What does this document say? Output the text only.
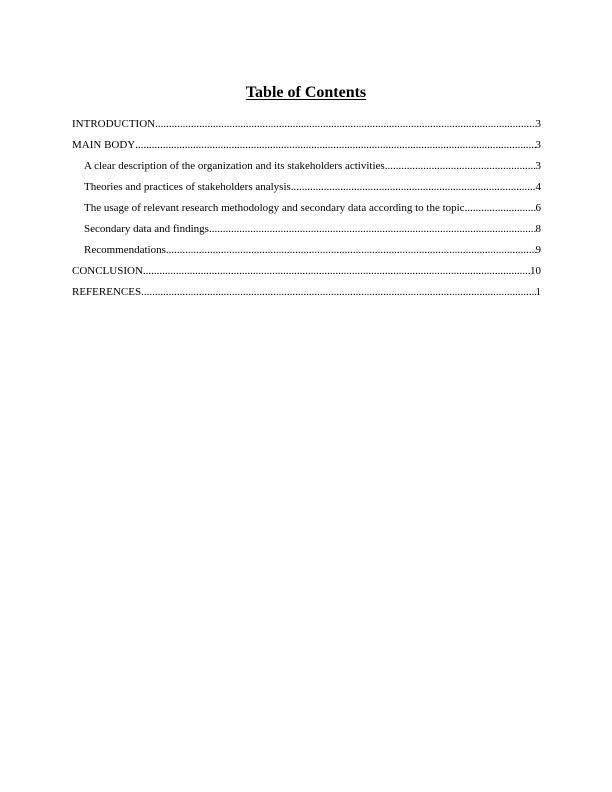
Table of Contents
INTRODUCTION .....	3
MAIN BODY .....	3
A clear description of the organization and its stakeholders activities .....	3
Theories and practices of stakeholders analysis .....	4
The usage of relevant research methodology and secondary data according to the topic .....	6
Secondary data and findings .....	8
Recommendations .....	9
CONCLUSION .....	10
REFERENCES .....	1
